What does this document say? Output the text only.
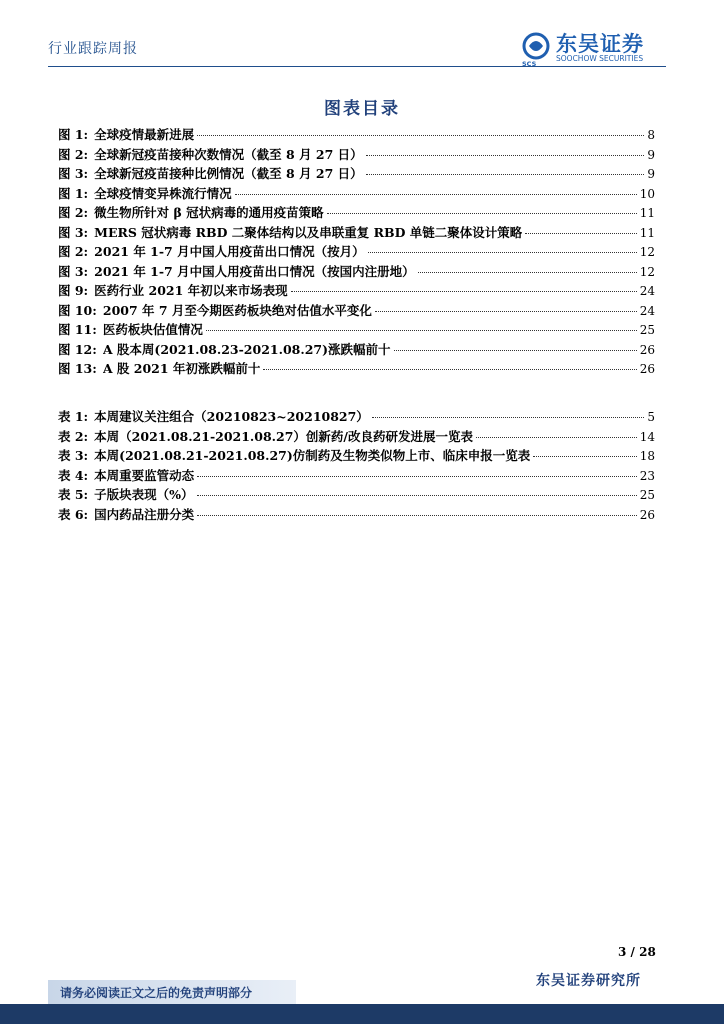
行业跟踪周报	东吴证券
SOOCHOW SECURITIES
SCS
图表目录
图 1: 全球疫情最新进展	8
图 2: 全球新冠疫苗接种次数情况（截至 8 月 27 日）	9
图 3: 全球新冠疫苗接种比例情况（截至 8 月 27 日）	9
图 1: 全球疫情变异株流行情况	10
图 2: 微生物所针对 β 冠状病毒的通用疫苗策略	11
图 3: MERS 冠状病毒 RBD 二聚体结构以及串联重复 RBD 单链二聚体设计策略	11
图 2: 2021 年 1-7 月中国人用疫苗出口情况（按月）	12
图 3: 2021 年 1-7 月中国人用疫苗出口情况（按国内注册地）	12
图 9: 医药行业 2021 年初以来市场表现	24
图 10: 2007 年 7 月至今期医药板块绝对估值水平变化	24
图 11: 医药板块估值情况	25
图 12: A 股本周(2021.08.23-2021.08.27)涨跌幅前十	26
图 13: A 股 2021 年初涨跌幅前十	26
表 1: 本周建议关注组合（20210823~20210827）	5
表 2: 本周（2021.08.21-2021.08.27）创新药/改良药研发进展一览表	14
表 3: 本周(2021.08.21-2021.08.27)仿制药及生物类似物上市、临床申报一览表	18
表 4: 本周重要监管动态	23
表 5: 子版块表现（%）	25
表 6: 国内药品注册分类	26
3 / 28
东吴证券研究所
请务必阅读正文之后的免责声明部分
